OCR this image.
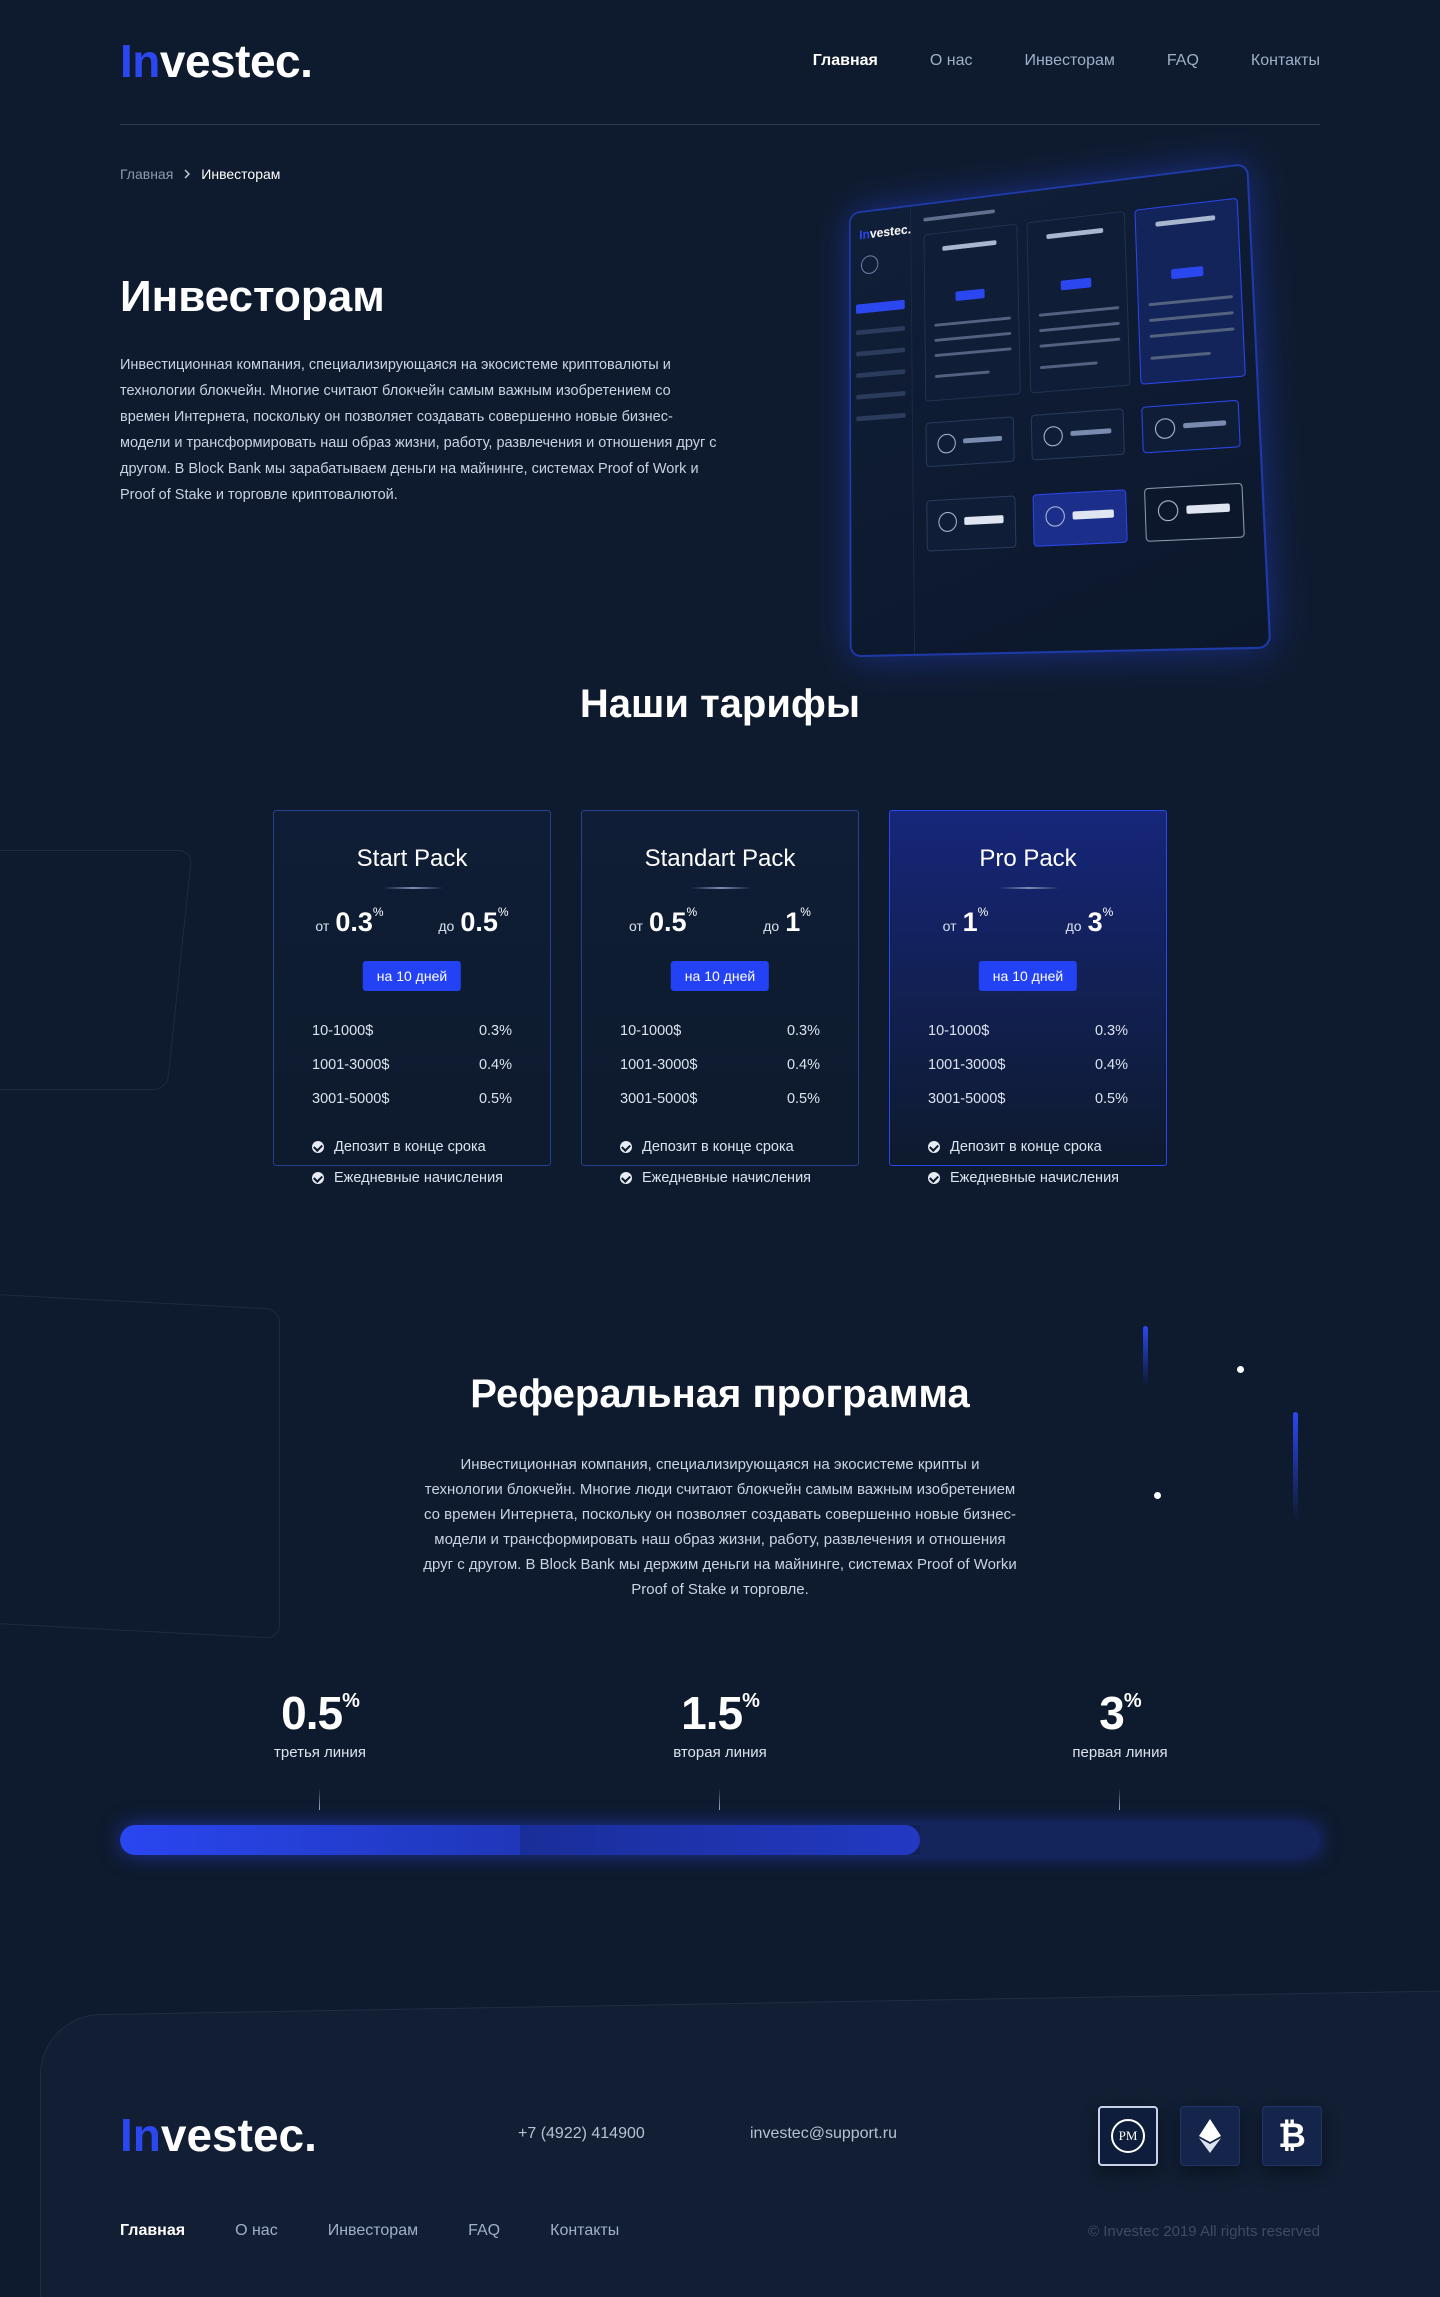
Investec.	Главная	О нас	Инвесторам	FAQ	Контакты
Главная Инвесторам
Инвесторам
Инвестиционная компания, специализирующаяся на экосистеме криптовалюты и технологии блокчейн. Многие считают блокчейн самым важным изобретением со времен Интернета, поскольку он позволяет создавать совершенно новые бизнес-модели и трансформировать наш образ жизни, работу, развлечения и отношения друг с другом. В Block Bank мы зарабатываем деньги на майнинге, системах Proof of Work и Proof of Stake и торговле криптовалютой.
Investec.
Наши тарифы
Start Pack
от 0.3%
до 0.5%
на 10 дней
10-1000$	0.3%
1001-3000$	0.4%
3001-5000$	0.5%
Депозит в конце срока
Ежедневные начисления
Standart Pack
от 0.5%
до 1%
на 10 дней
10-1000$	0.3%
1001-3000$	0.4%
3001-5000$	0.5%
Депозит в конце срока
Ежедневные начисления
Pro Pack
от 1%
до 3%
на 10 дней
10-1000$	0.3%
1001-3000$	0.4%
3001-5000$	0.5%
Депозит в конце срока
Ежедневные начисления
Реферальная программа
Инвестиционная компания, специализирующаяся на экосистеме крипты и технологии блокчейн. Многие люди считают блокчейн самым важным изобретением со времен Интернета, поскольку он позволяет создавать совершенно новые бизнес-модели и трансформировать наш образ жизни, работу, развлечения и отношения друг с другом. В Block Bank мы держим деньги на майнинге, системах Proof of Workи Proof of Stake и торговле.
0.5%
третья линия
1.5%
вторая линия
3%
первая линия
Investec.	+7 (4922) 414900	investec@support.ru	PM	₿
Главная	О нас	Инвесторам	FAQ	Контакты	© Investec 2019 All rights reserved
